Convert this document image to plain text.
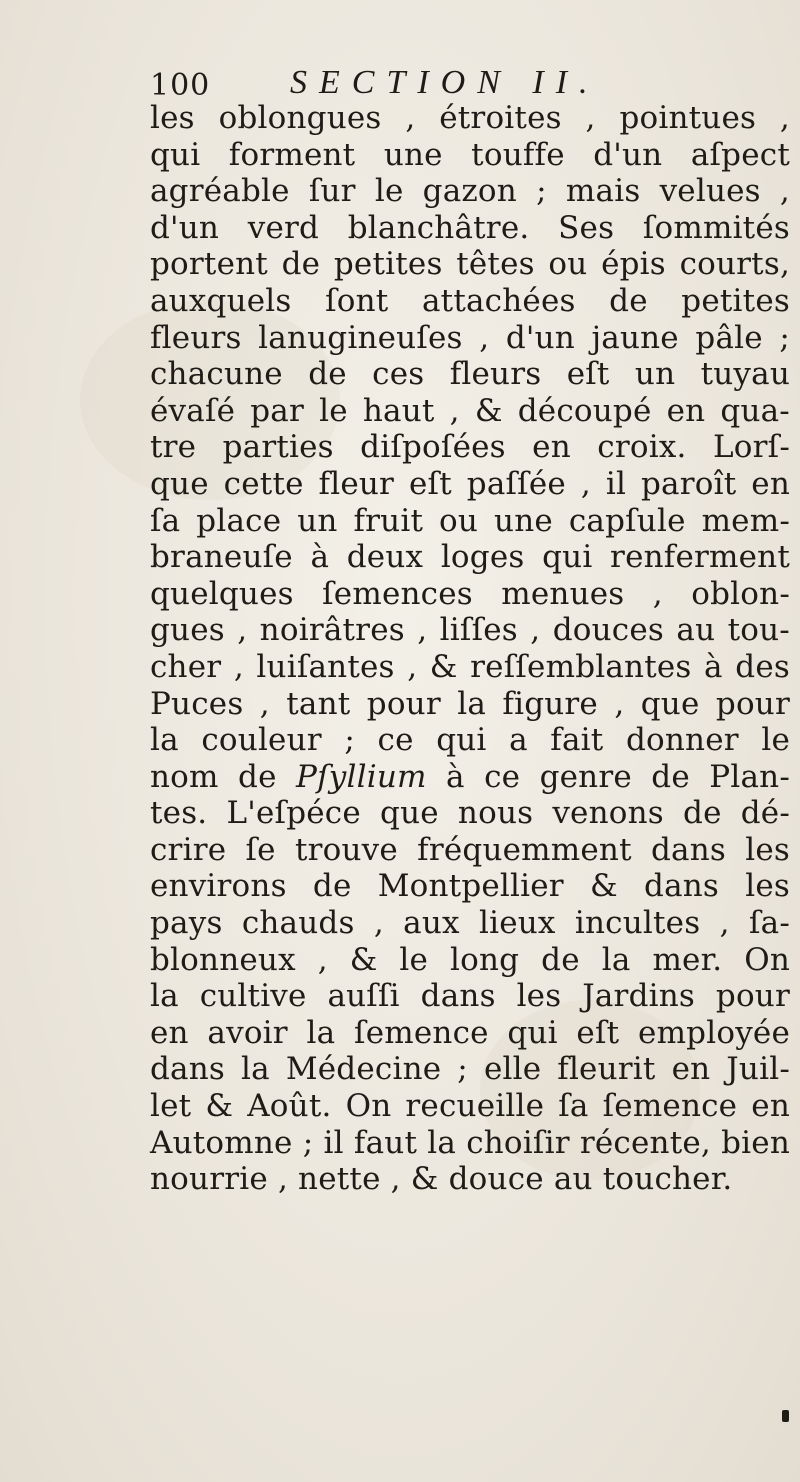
100 SECTION II.
les oblongues , étroites , pointues ,
qui forment une touffe d'un aſpect
agréable ſur le gazon ; mais velues ,
d'un verd blanchâtre. Ses ſommités
portent de petites têtes ou épis courts,
auxquels ſont attachées de petites
fleurs lanugineuſes , d'un jaune pâle ;
chacune de ces fleurs eſt un tuyau
évaſé par le haut , & découpé en qua-
tre parties diſpoſées en croix. Lorſ-
que cette fleur eſt paſſée , il paroît en
ſa place un fruit ou une capſule mem-
braneuſe à deux loges qui renferment
quelques ſemences menues , oblon-
gues , noirâtres , liſſes , douces au tou-
cher , luiſantes , & reſſemblantes à des
Puces , tant pour la figure , que pour
la couleur ; ce qui a fait donner le
nom de Pſyllium à ce genre de Plan-
tes. L'eſpéce que nous venons de dé-
crire ſe trouve fréquemment dans les
environs de Montpellier & dans les
pays chauds , aux lieux incultes , ſa-
blonneux , & le long de la mer. On
la cultive auſſi dans les Jardins pour
en avoir la ſemence qui eſt employée
dans la Médecine ; elle fleurit en Juil-
let & Août. On recueille ſa ſemence en
Automne ; il faut la choiſir récente, bien
nourrie , nette , & douce au toucher.
